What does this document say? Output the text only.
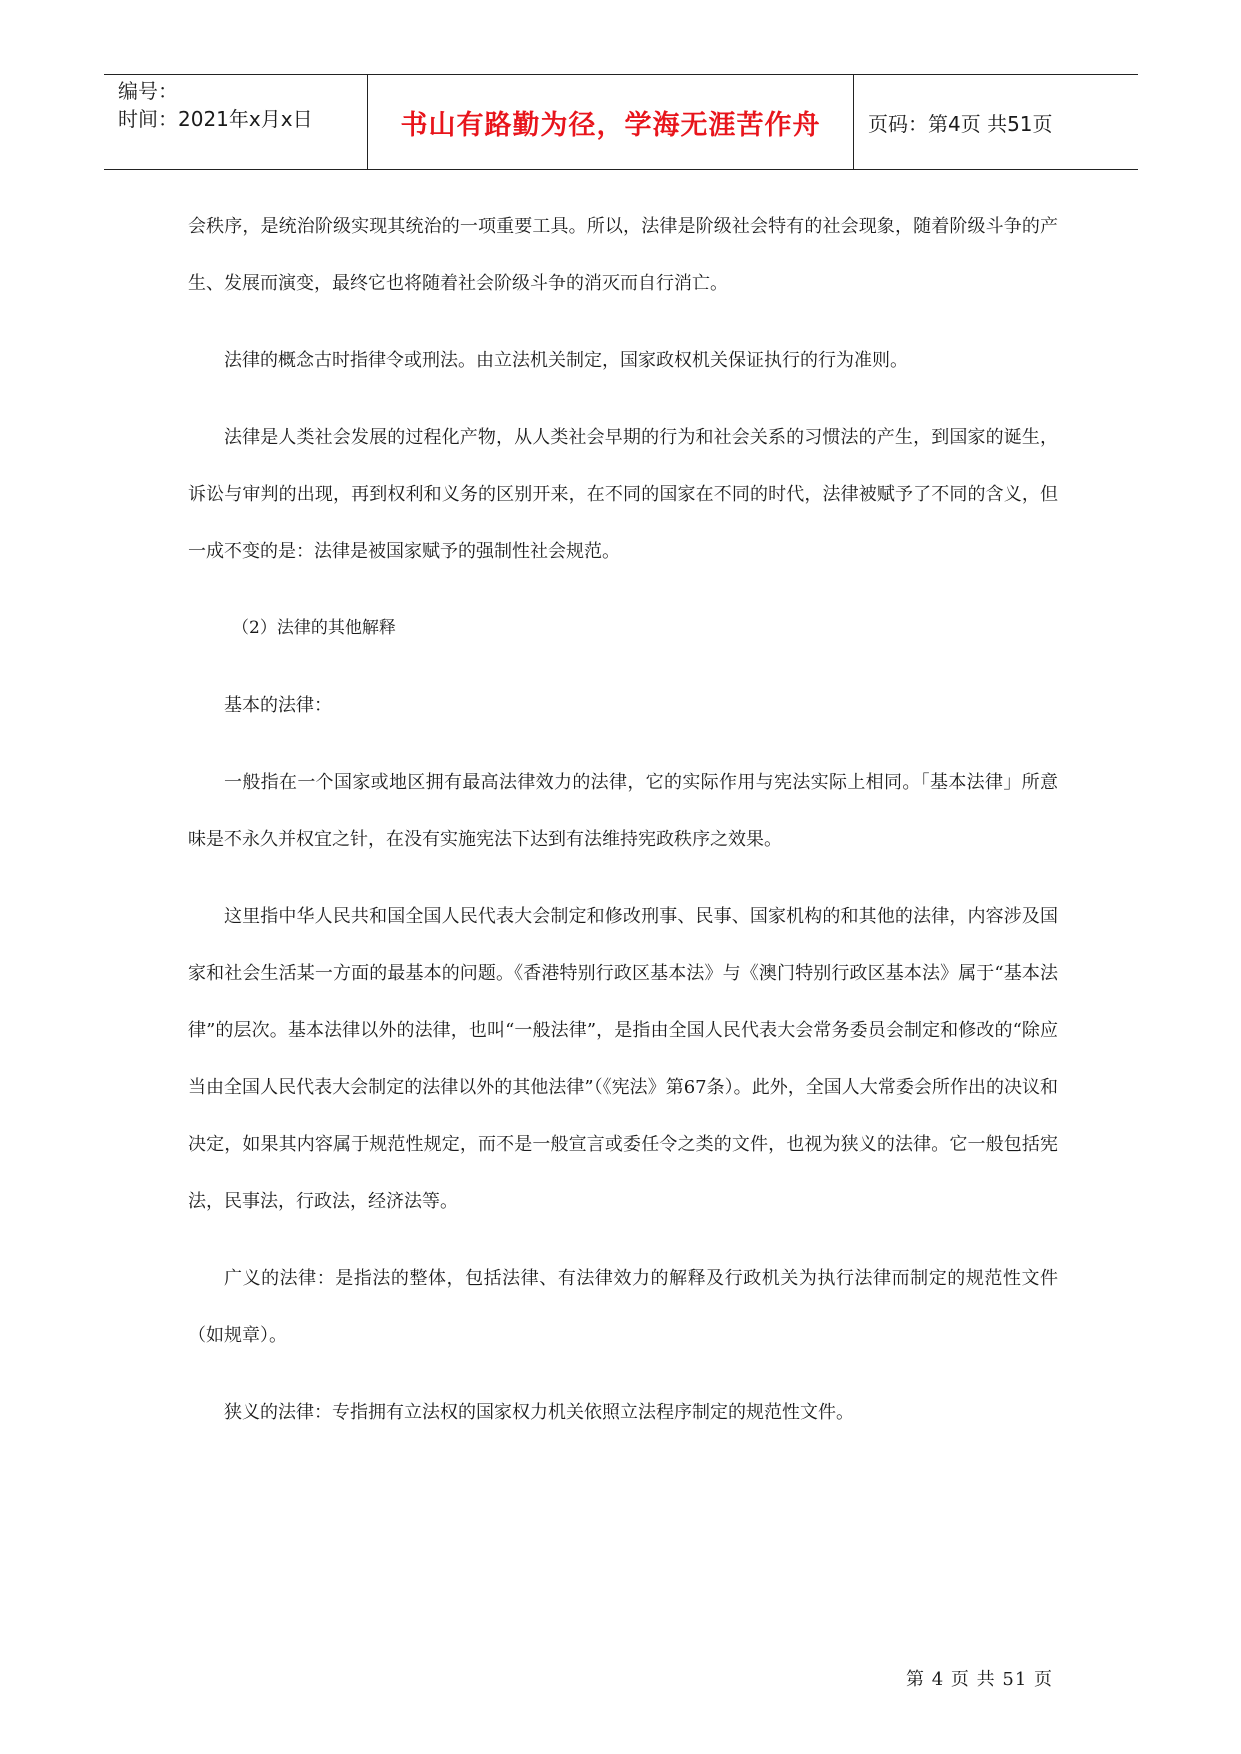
编号：
时间：2021年x月x日	书山有路勤为径，学海无涯苦作舟	页码：第4页 共51页

会秩序，是统治阶级实现其统治的一项重要工具。所以，法律是阶级社会特有的社会现象，随着阶级斗争的产生、发展而演变，最终它也将随着社会阶级斗争的消灭而自行消亡。

法律的概念古时指律令或刑法。由立法机关制定，国家政权机关保证执行的行为准则。

法律是人类社会发展的过程化产物，从人类社会早期的行为和社会关系的习惯法的产生，到国家的诞生，诉讼与审判的出现，再到权利和义务的区别开来，在不同的国家在不同的时代，法律被赋予了不同的含义，但一成不变的是：法律是被国家赋予的强制性社会规范。

（2）法律的其他解释

基本的法律：

一般指在一个国家或地区拥有最高法律效力的法律，它的实际作用与宪法实际上相同。「基本法律」所意味是不永久并权宜之针，在没有实施宪法下达到有法维持宪政秩序之效果。

这里指中华人民共和国全国人民代表大会制定和修改刑事、民事、国家机构的和其他的法律，内容涉及国家和社会生活某一方面的最基本的问题。《香港特别行政区基本法》与《澳门特别行政区基本法》属于“基本法律”的层次。基本法律以外的法律，也叫“一般法律”，是指由全国人民代表大会常务委员会制定和修改的“除应当由全国人民代表大会制定的法律以外的其他法律”（《宪法》第67条）。此外，全国人大常委会所作出的决议和决定，如果其内容属于规范性规定，而不是一般宣言或委任令之类的文件，也视为狭义的法律。它一般包括宪法，民事法，行政法，经济法等。

广义的法律：是指法的整体，包括法律、有法律效力的解释及行政机关为执行法律而制定的规范性文件（如规章）。

狭义的法律：专指拥有立法权的国家权力机关依照立法程序制定的规范性文件。

第 4 页 共 51 页
